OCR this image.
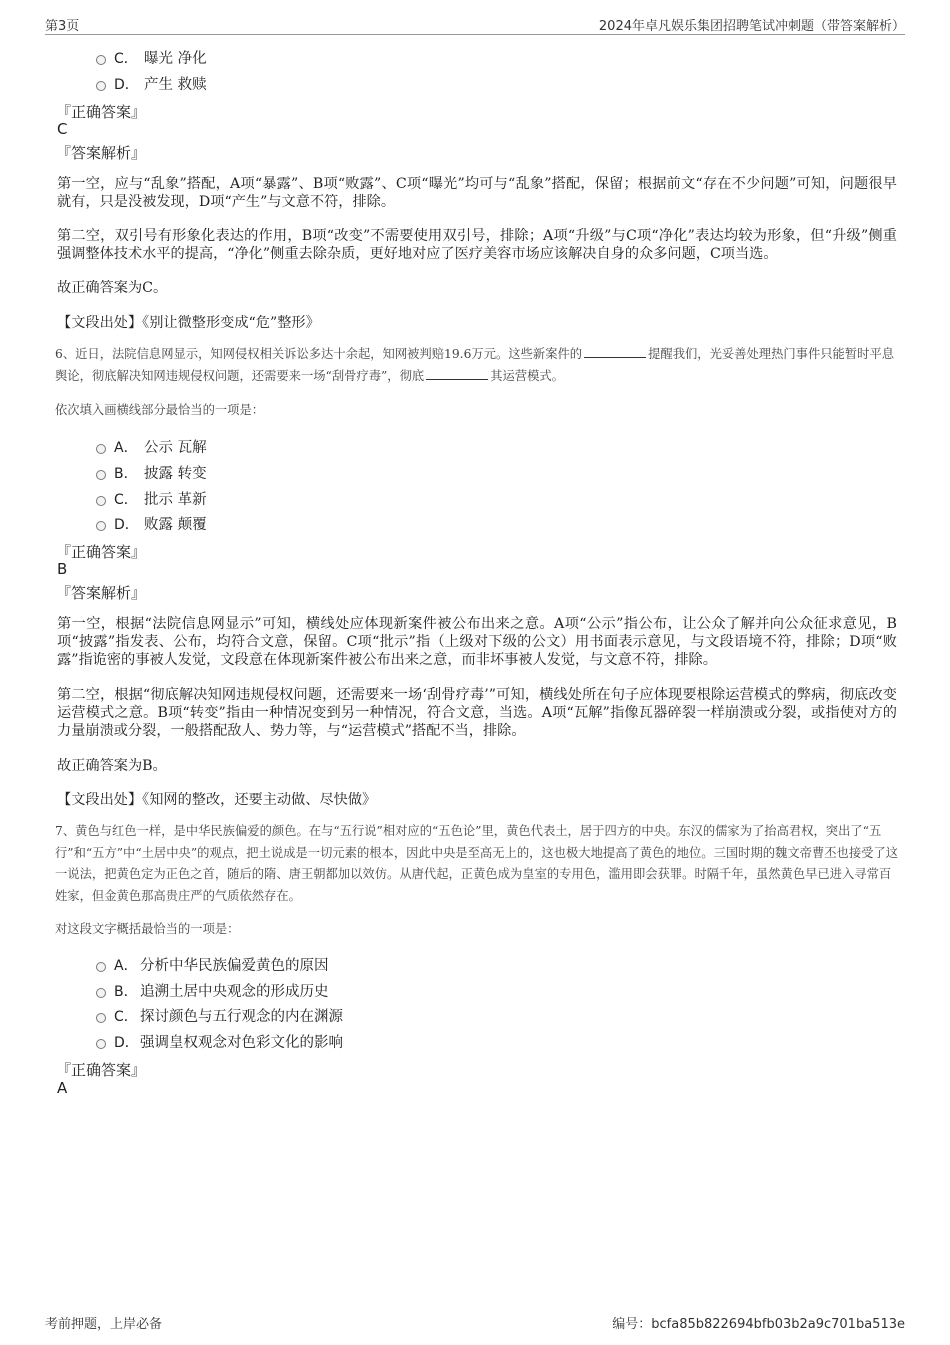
第3页	2024年卓凡娱乐集团招聘笔试冲刺题（带答案解析）
C． 曝光 净化
D． 产生 救赎
『正确答案』
C
『答案解析』
第一空，应与“乱象”搭配，A项“暴露”、B项“败露”、C项“曝光”均可与“乱象”搭配，保留；根据前文“存在不少问题”可知，问题很早就有，只是没被发现，D项“产生”与文意不符，排除。
第二空，双引号有形象化表达的作用，B项“改变”不需要使用双引号，排除；A项“升级”与C项“净化”表达均较为形象，但“升级”侧重强调整体技术水平的提高，“净化”侧重去除杂质，更好地对应了医疗美容市场应该解决自身的众多问题，C项当选。
故正确答案为C。
【文段出处】《别让微整形变成“危”整形》
6、近日，法院信息网显示，知网侵权相关诉讼多达十余起，知网被判赔19.6万元。这些新案件的	提醒我们，光妥善处理热门事件只能暂时平息舆论，彻底解决知网违规侵权问题，还需要来一场“刮骨疗毒”，彻底	其运营模式。
依次填入画横线部分最恰当的一项是：
A． 公示 瓦解
B． 披露 转变
C． 批示 革新
D． 败露 颠覆
『正确答案』
B
『答案解析』
第一空，根据“法院信息网显示”可知，横线处应体现新案件被公布出来之意。A项“公示”指公布，让公众了解并向公众征求意见，B项“披露”指发表、公布，均符合文意，保留。C项“批示”指（上级对下级的公文）用书面表示意见，与文段语境不符，排除；D项“败露”指诡密的事被人发觉，文段意在体现新案件被公布出来之意，而非坏事被人发觉，与文意不符，排除。
第二空，根据“彻底解决知网违规侵权问题，还需要来一场‘刮骨疗毒’”可知，横线处所在句子应体现要根除运营模式的弊病，彻底改变运营模式之意。B项“转变”指由一种情况变到另一种情况，符合文意，当选。A项“瓦解”指像瓦器碎裂一样崩溃或分裂，或指使对方的力量崩溃或分裂，一般搭配敌人、势力等，与“运营模式”搭配不当，排除。
故正确答案为B。
【文段出处】《知网的整改，还要主动做、尽快做》
7、黄色与红色一样，是中华民族偏爱的颜色。在与“五行说”相对应的“五色论”里，黄色代表土，居于四方的中央。东汉的儒家为了抬高君权，突出了“五行”和“五方”中“土居中央”的观点，把土说成是一切元素的根本，因此中央是至高无上的，这也极大地提高了黄色的地位。三国时期的魏文帝曹丕也接受了这一说法，把黄色定为正色之首，随后的隋、唐王朝都加以效仿。从唐代起，正黄色成为皇室的专用色，滥用即会获罪。时隔千年，虽然黄色早已进入寻常百姓家，但金黄色那高贵庄严的气质依然存在。
对这段文字概括最恰当的一项是：
A． 分析中华民族偏爱黄色的原因
B． 追溯土居中央观念的形成历史
C． 探讨颜色与五行观念的内在渊源
D．强调皇权观念对色彩文化的影响
『正确答案』
A
考前押题，上岸必备	编号：bcfa85b822694bfb03b2a9c701ba513e
